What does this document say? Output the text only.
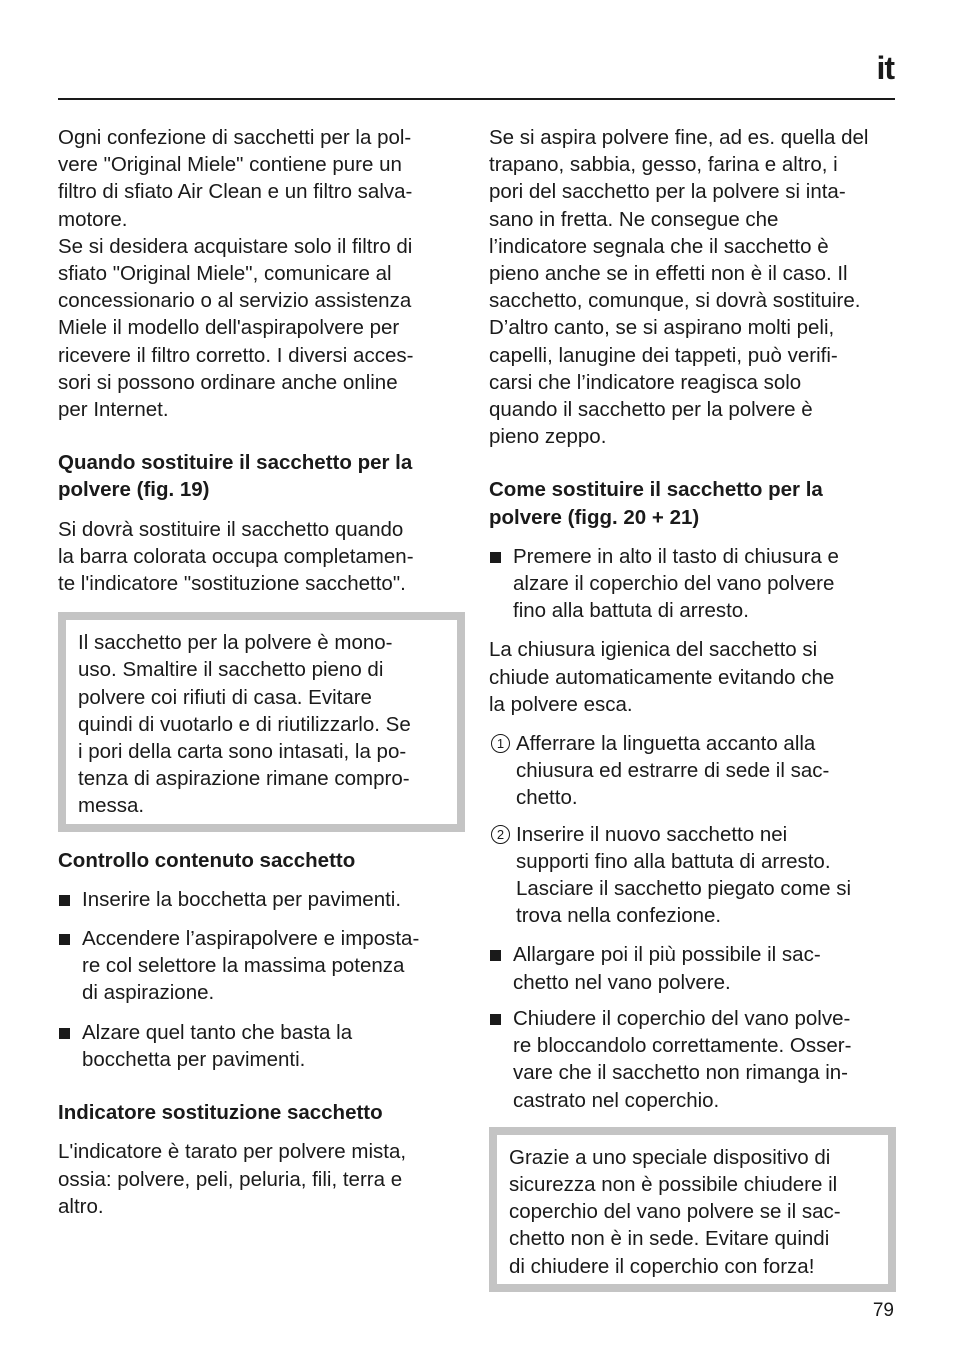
it

Ogni confezione di sacchetti per la pol-
vere "Original Miele" contiene pure un
filtro di sfiato Air Clean e un filtro salva-
motore.
Se si desidera acquistare solo il filtro di
sfiato "Original Miele", comunicare al
concessionario o al servizio assistenza
Miele il modello dell'aspirapolvere per
ricevere il filtro corretto. I diversi acces-
sori si possono ordinare anche online
per Internet.

Quando sostituire il sacchetto per la
polvere (fig. 19)

Si dovrà sostituire il sacchetto quando
la barra colorata occupa completamen-
te l'indicatore "sostituzione sacchetto".

Il sacchetto per la polvere è mono-
uso. Smaltire il sacchetto pieno di
polvere coi rifiuti di casa. Evitare
quindi di vuotarlo e di riutilizzarlo. Se
i pori della carta sono intasati, la po-
tenza di aspirazione rimane compro-
messa.

Controllo contenuto sacchetto

Inserire la bocchetta per pavimenti.

Accendere l’aspirapolvere e imposta-
re col selettore la massima potenza
di aspirazione.

Alzare quel tanto che basta la
bocchetta per pavimenti.

Indicatore sostituzione sacchetto

L'indicatore è tarato per polvere mista,
ossia: polvere, peli, peluria, fili, terra e
altro.

Se si aspira polvere fine, ad es. quella del
trapano, sabbia, gesso, farina e altro, i
pori del sacchetto per la polvere si inta-
sano in fretta. Ne consegue che
l’indicatore segnala che il sacchetto è
pieno anche se in effetti non è il caso. Il
sacchetto, comunque, si dovrà sostituire.
D’altro canto, se si aspirano molti peli,
capelli, lanugine dei tappeti, può verifi-
carsi che l’indicatore reagisca solo
quando il sacchetto per la polvere è
pieno zeppo.

Come sostituire il sacchetto per la
polvere (figg. 20 + 21)

Premere in alto il tasto di chiusura e
alzare il coperchio del vano polvere
fino alla battuta di arresto.

La chiusura igienica del sacchetto si
chiude automaticamente evitando che
la polvere esca.

1 Afferrare la linguetta accanto alla
chiusura ed estrarre di sede il sac-
chetto.

2 Inserire il nuovo sacchetto nei
supporti fino alla battuta di arresto.
Lasciare il sacchetto piegato come si
trova nella confezione.

Allargare poi il più possibile il sac-
chetto nel vano polvere.

Chiudere il coperchio del vano polve-
re bloccandolo correttamente. Osser-
vare che il sacchetto non rimanga in-
castrato nel coperchio.

Grazie a uno speciale dispositivo di
sicurezza non è possibile chiudere il
coperchio del vano polvere se il sac-
chetto non è in sede. Evitare quindi
di chiudere il coperchio con forza!

79
